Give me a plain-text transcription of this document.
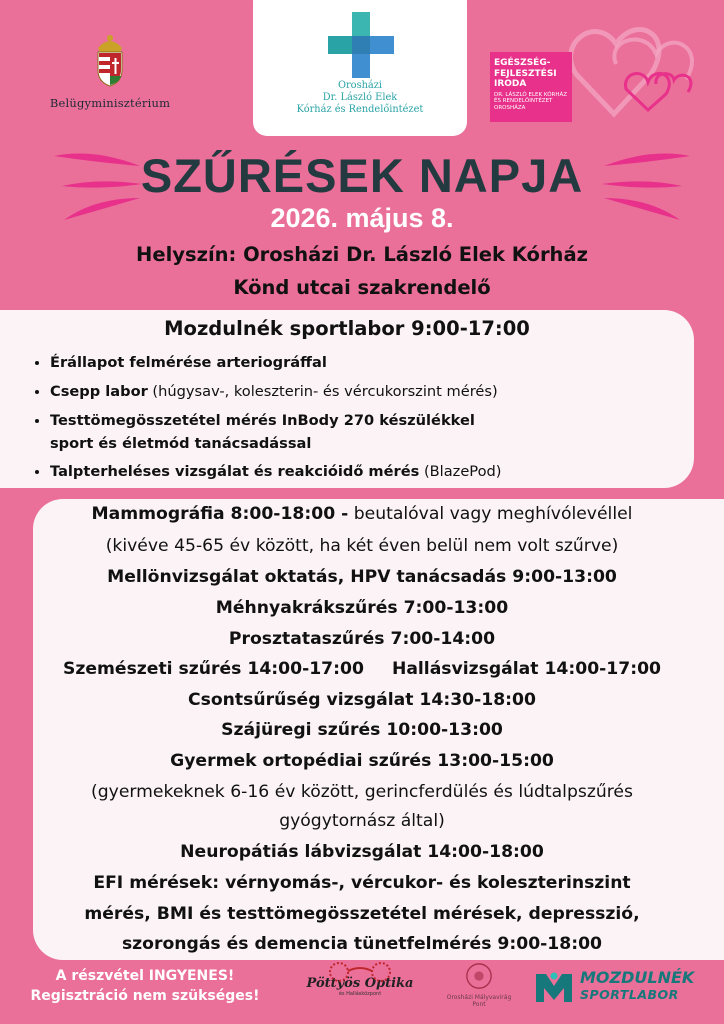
Belügyminisztérium
Orosházi
Dr. László Elek
Kórház és Rendelőintézet
EGÉSZSÉG-
FEJLESZTÉSI
IRODA
DR. LÁSZLÓ ELEK KÓRHÁZ
ÉS RENDELŐINTÉZET
OROSHÁZA
SZŰRÉSEK NAPJA
2026. május 8.
Helyszín: Orosházi Dr. László Elek Kórház
Könd utcai szakrendelő
Mozdulnék sportlabor 9:00-17:00
• Érállapot felmérése arteriográffal
• Csepp labor (húgysav-, koleszterin- és vércukorszint mérés)
• Testtömegösszetétel mérés InBody 270 készülékkel
sport és életmód tanácsadással
• Talpterheléses vizsgálat és reakcióidő mérés (BlazePod)
Mammográfia 8:00-18:00 - beutalóval vagy meghívólevéllel
(kivéve 45-65 év között, ha két éven belül nem volt szűrve)
Mellönvizsgálat oktatás, HPV tanácsadás 9:00-13:00
Méhnyakrákszűrés 7:00-13:00
Prosztataszűrés 7:00-14:00
Szemészeti szűrés 14:00-17:00 Hallásvizsgálat 14:00-17:00
Csontsűrűség vizsgálat 14:30-18:00
Szájüregi szűrés 10:00-13:00
Gyermek ortopédiai szűrés 13:00-15:00
(gyermekeknek 6-16 év között, gerincferdülés és lúdtalpszűrés
gyógytornász által)
Neuropátiás lábvizsgálat 14:00-18:00
EFI mérések: vérnyomás-, vércukor- és koleszterinszint
mérés, BMI és testtömegösszetétel mérések, depresszió,
szorongás és demencia tünetfelmérés 9:00-18:00
A részvétel INGYENES!
Regisztráció nem szükséges!
Pöttyös Optika
és Hallásközpont	Orosházi Mályvavirág
Pont
MOZDULNÉK
SPORTLABOR
